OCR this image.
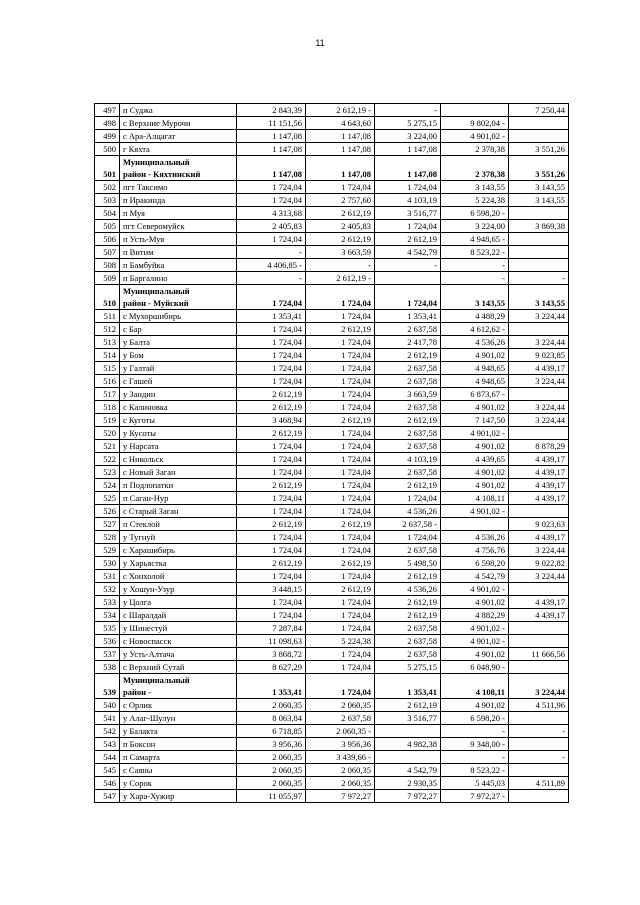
11
497	п Суджа	2 843,39	2 612,19 -	-		7 250,44
498	с Верхние Мурочи	11 151,56	4 643,60	5 275,15	9 802,04 -	
499	с Ара-Алцагат	1 147,08	1 147,08	3 224,00	4 901,02 -	
500	г Кяхта	1 147,08	1 147,08	1 147,08	2 378,38	3 551,26
501	Муниципальный
район - Кяхтинский	1 147,08	1 147,08	1 147,08	2 378,38	3 551,26
502	пгт Таксимо	1 724,04	1 724,04	1 724,04	3 143,55	3 143,55
503	п Иракинда	1 724,04	2 757,60	4 103,19	5 224,38	3 143,55
504	п Муя	4 313,68	2 612,19	3 516,77	6 598,20 -	
505	пгт Северомуйск	2 405,83	2 405,83	1 724,04	3 224,00	3 869,38
506	п Усть-Муя	1 724,04	2 612,19	2 612,19	4 948,65 -	
507	п Витим	-	3 663,59	4 542,79	8 523,22 -	
508	п Бамбуйка	4 406,85 -	-	-	-	
509	п Баргалино	-	2 612,19 -		-	-
510	Муниципальный
район - Муйский	1 724,04	1 724,04	1 724,04	3 143,55	3 143,55
511	с Мухоршибирь	1 353,41	1 724,04	1 353,41	4 488,29	3 224,44
512	с Бар	1 724,04	2 612,19	2 637,58	4 612,62 -	
513	у Балта	1 724,04	1 724,04	2 417,78	4 536,26	3 224,44
514	у Бом	1 724,04	1 724,04	2 612,19	4 901,02	9 023,85
515	у Галтай	1 724,04	1 724,04	2 637,58	4 948,65	4 439,17
516	с Гашей	1 724,04	1 724,04	2 637,58	4 948,65	3 224,44
517	у Зандин	2 612,19	1 724,04	3 663,59	6 873,67 -	
518	с Калиновка	2 612,19	1 724,04	2 637,58	4 901,02	3 224,44
519	с Куготы	3 468,94	2 612,19	2 612,19	7 147,50	3 224,44
520	у Кусоты	2 612,19	1 724,04	2 637,58	4 901,02 -	
521	у Нарсата	1 724,04	1 724,04	2 637,58	4 901,02	8 878,29
522	с Никольск	1 724,04	1 724,04	4 103,19	4 439,65	4 439,17
523	с Новый Заган	1 724,04	1 724,04	2 637,58	4 901,02	4 439,17
524	п Подлопатки	2 612,19	1 724,04	2 612,19	4 901,02	4 439,17
525	п Саган-Нур	1 724,04	1 724,04	1 724,04	4 108,11	4 439,17
526	с Старый Заган	1 724,04	1 724,04	4 536,26	4 901,02 -	
527	п Стеклой	2 612,19	2 612,19	2 637,58 -		9 023,63
528	у Тугнуй	1 724,04	1 724,04	1 724,04	4 536,26	4 439,17
529	с Харашибирь	1 724,04	1 724,04	2 637,58	4 756,76	3 224,44
530	у Харьястка	2 612,19	2 612,19	5 498,50	6 598,20	9 022,82
531	с Хонхолой	1 724,04	1 724,04	2 612,19	4 542,79	3 224,44
532	у Хошун-Узур	3 448,15	2 612,19	4 536,26	4 901,02 -	
533	у Цолга	1 724,04	1 724,04	2 612,19	4 901,02	4 439,17
534	с Шаралдай	1 724,04	1 724,04	2 612,19	4 882,29	4 439,17
535	у Шинестуй	7 287,84	1 724,04	2 637,58	4 901,02 -	
536	с Новоспасск	11 098,63	5 224,38	2 637,58	4 901,02 -	
537	у Усть-Алтача	3 868,72	1 724,04	2 637,58	4 901,02	11 666,56
538	с Верхний Сутай	8 627,29	1 724,04	5 275,15	6 048,90 -	
539	Муниципальный
район -	1 353,41	1 724,04	1 353,41	4 108,11	3 224,44
540	с Орлик	2 060,35	2 060,35	2 612,19	4 901,02	4 511,96
541	у Алаг-Шулун	8 063,84	2 637,58	3 516,77	6 598,20 -	
542	у Балакта	6 718,85	2 060,35 -		-	-
543	п Боксон	3 956,36	3 956,36	4 982,38	9 348,00 -	
544	п Самарта	2 060,35	3 439,66 -		-	-
545	с Саяны	2 060,35	2 060,35	4 542,79	8 523,22 -	
546	у Сорок	2 060,35	2 060,35	2 930,35	5 445,03	4 511,89
547	у Хара-Хужир	11 055,97	7 972,27	7 972,27	7 972,27 -	
